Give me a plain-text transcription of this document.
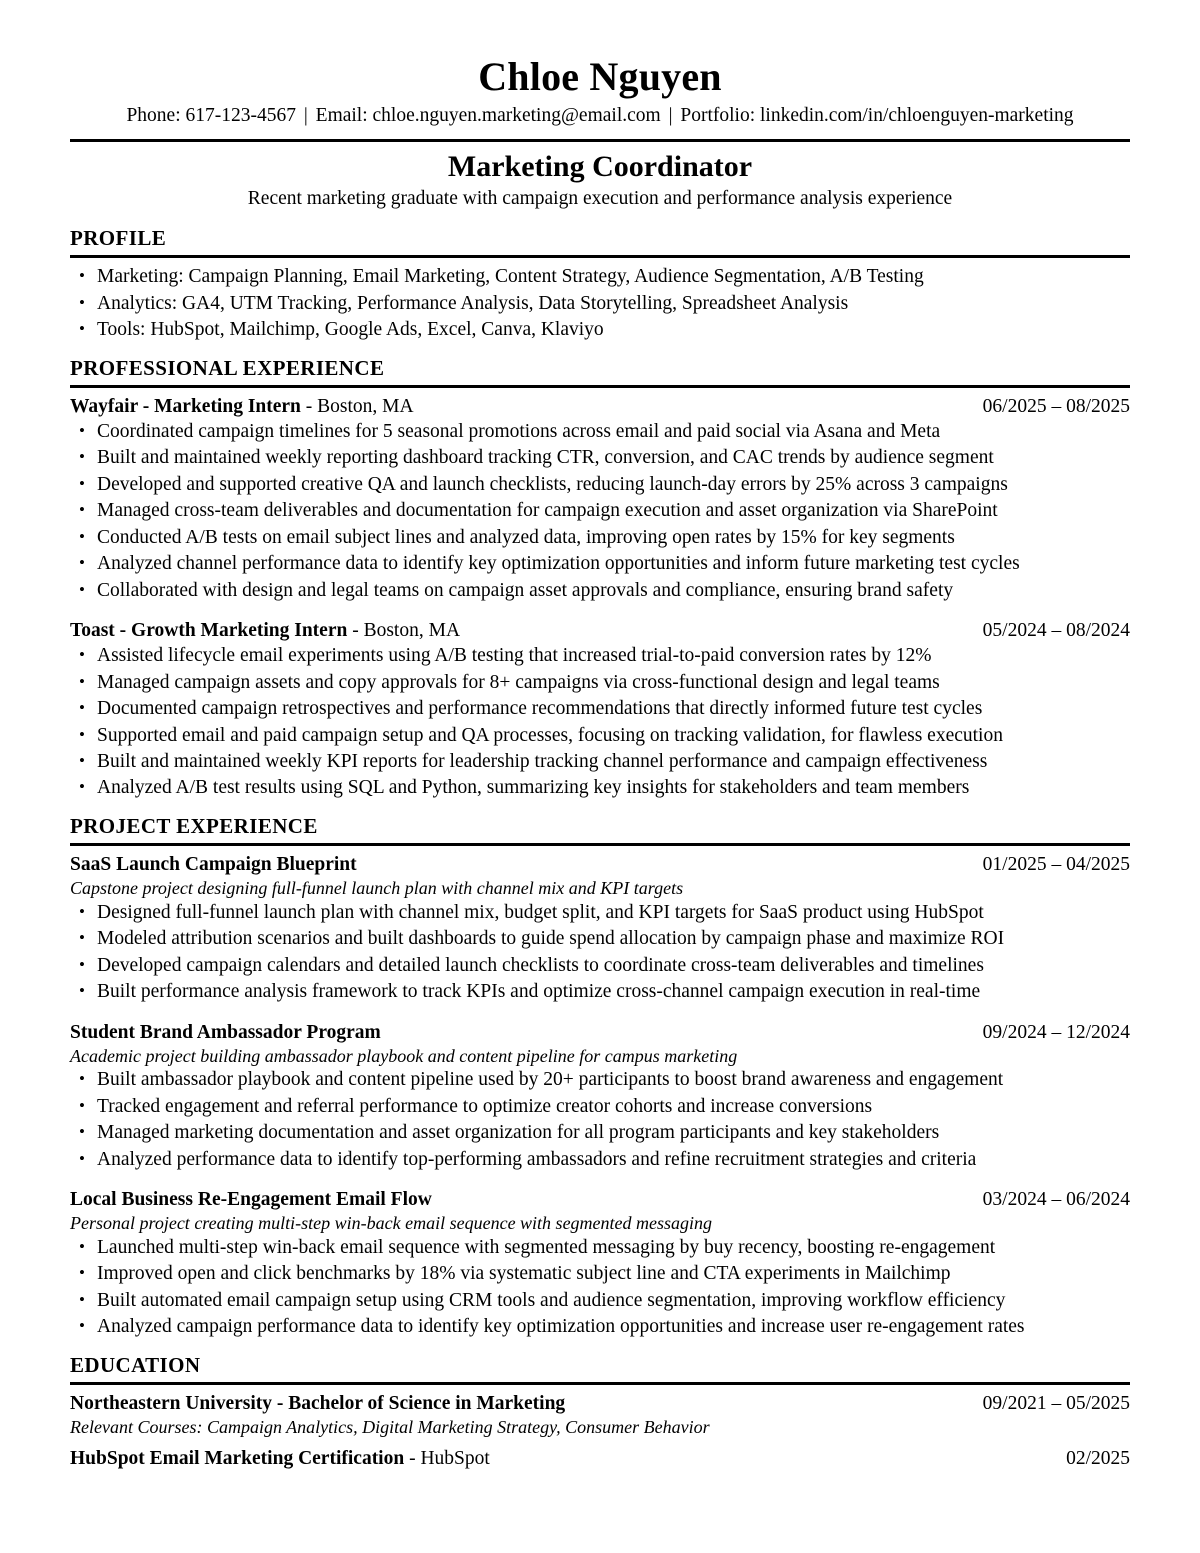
Chloe Nguyen
Phone: 617-123-4567 | Email: chloe.nguyen.marketing@email.com | Portfolio: linkedin.com/in/chloenguyen-marketing
Marketing Coordinator
Recent marketing graduate with campaign execution and performance analysis experience
PROFILE
• Marketing: Campaign Planning, Email Marketing, Content Strategy, Audience Segmentation, A/B Testing
• Analytics: GA4, UTM Tracking, Performance Analysis, Data Storytelling, Spreadsheet Analysis
• Tools: HubSpot, Mailchimp, Google Ads, Excel, Canva, Klaviyo
PROFESSIONAL EXPERIENCE
Wayfair - Marketing Intern - Boston, MA	06/2025 – 08/2025
• Coordinated campaign timelines for 5 seasonal promotions across email and paid social via Asana and Meta
• Built and maintained weekly reporting dashboard tracking CTR, conversion, and CAC trends by audience segment
• Developed and supported creative QA and launch checklists, reducing launch-day errors by 25% across 3 campaigns
• Managed cross-team deliverables and documentation for campaign execution and asset organization via SharePoint
• Conducted A/B tests on email subject lines and analyzed data, improving open rates by 15% for key segments
• Analyzed channel performance data to identify key optimization opportunities and inform future marketing test cycles
• Collaborated with design and legal teams on campaign asset approvals and compliance, ensuring brand safety
Toast - Growth Marketing Intern - Boston, MA	05/2024 – 08/2024
• Assisted lifecycle email experiments using A/B testing that increased trial-to-paid conversion rates by 12%
• Managed campaign assets and copy approvals for 8+ campaigns via cross-functional design and legal teams
• Documented campaign retrospectives and performance recommendations that directly informed future test cycles
• Supported email and paid campaign setup and QA processes, focusing on tracking validation, for flawless execution
• Built and maintained weekly KPI reports for leadership tracking channel performance and campaign effectiveness
• Analyzed A/B test results using SQL and Python, summarizing key insights for stakeholders and team members
PROJECT EXPERIENCE
SaaS Launch Campaign Blueprint	01/2025 – 04/2025
Capstone project designing full-funnel launch plan with channel mix and KPI targets
• Designed full-funnel launch plan with channel mix, budget split, and KPI targets for SaaS product using HubSpot
• Modeled attribution scenarios and built dashboards to guide spend allocation by campaign phase and maximize ROI
• Developed campaign calendars and detailed launch checklists to coordinate cross-team deliverables and timelines
• Built performance analysis framework to track KPIs and optimize cross-channel campaign execution in real-time
Student Brand Ambassador Program	09/2024 – 12/2024
Academic project building ambassador playbook and content pipeline for campus marketing
• Built ambassador playbook and content pipeline used by 20+ participants to boost brand awareness and engagement
• Tracked engagement and referral performance to optimize creator cohorts and increase conversions
• Managed marketing documentation and asset organization for all program participants and key stakeholders
• Analyzed performance data to identify top-performing ambassadors and refine recruitment strategies and criteria
Local Business Re-Engagement Email Flow	03/2024 – 06/2024
Personal project creating multi-step win-back email sequence with segmented messaging
• Launched multi-step win-back email sequence with segmented messaging by buy recency, boosting re-engagement
• Improved open and click benchmarks by 18% via systematic subject line and CTA experiments in Mailchimp
• Built automated email campaign setup using CRM tools and audience segmentation, improving workflow efficiency
• Analyzed campaign performance data to identify key optimization opportunities and increase user re-engagement rates
EDUCATION
Northeastern University - Bachelor of Science in Marketing	09/2021 – 05/2025
Relevant Courses: Campaign Analytics, Digital Marketing Strategy, Consumer Behavior
HubSpot Email Marketing Certification - HubSpot	02/2025
